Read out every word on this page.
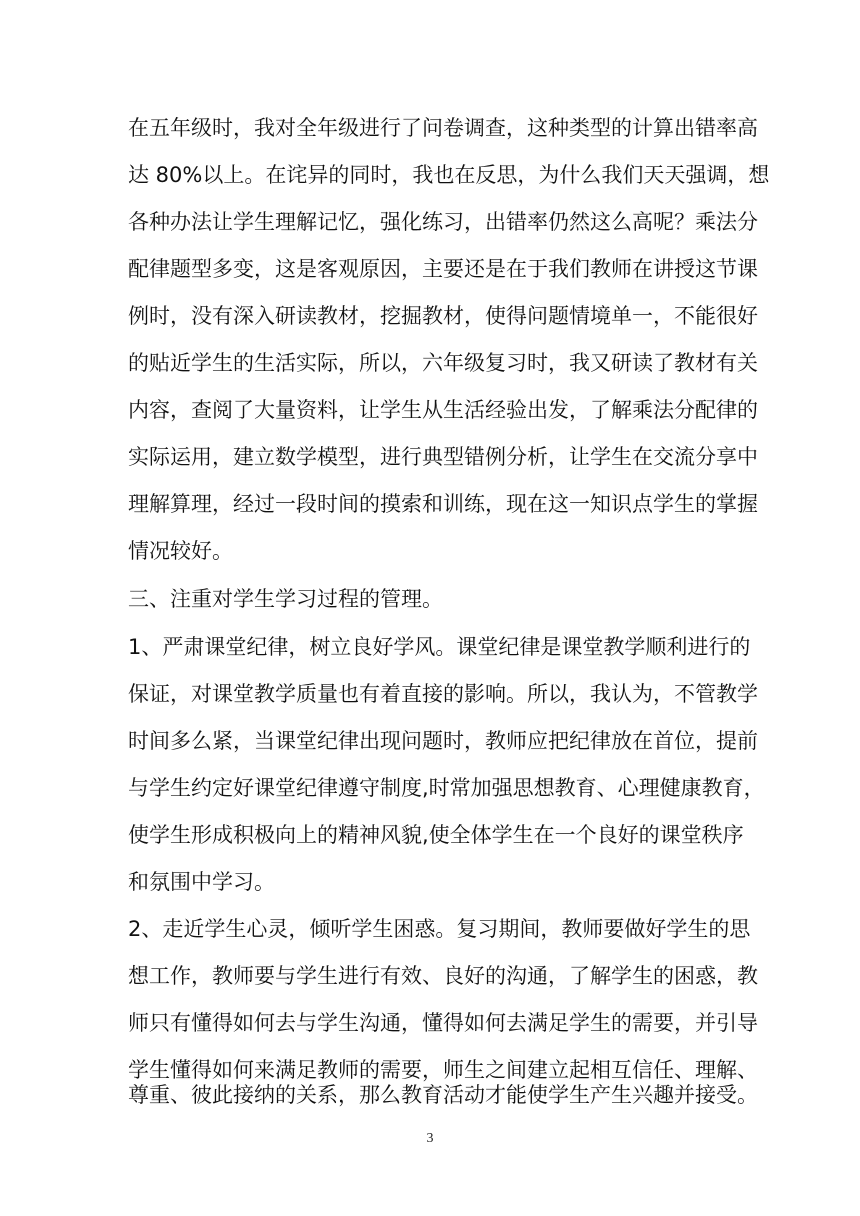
在五年级时，我对全年级进行了问卷调查，这种类型的计算出错率高
达 80%以上。在诧异的同时，我也在反思，为什么我们天天强调，想
各种办法让学生理解记忆，强化练习，出错率仍然这么高呢？乘法分
配律题型多变，这是客观原因，主要还是在于我们教师在讲授这节课
例时，没有深入研读教材，挖掘教材，使得问题情境单一，不能很好
的贴近学生的生活实际，所以，六年级复习时，我又研读了教材有关
内容，查阅了大量资料，让学生从生活经验出发，了解乘法分配律的
实际运用，建立数学模型，进行典型错例分析，让学生在交流分享中
理解算理，经过一段时间的摸索和训练，现在这一知识点学生的掌握
情况较好。
三、注重对学生学习过程的管理。
1、严肃课堂纪律，树立良好学风。课堂纪律是课堂教学顺利进行的
保证，对课堂教学质量也有着直接的影响。所以，我认为，不管教学
时间多么紧，当课堂纪律出现问题时，教师应把纪律放在首位，提前
与学生约定好课堂纪律遵守制度,时常加强思想教育、心理健康教育，
使学生形成积极向上的精神风貌,使全体学生在一个良好的课堂秩序
和氛围中学习。
2、走近学生心灵，倾听学生困惑。复习期间，教师要做好学生的思
想工作，教师要与学生进行有效、良好的沟通，了解学生的困惑，教
师只有懂得如何去与学生沟通，懂得如何去满足学生的需要，并引导
学生懂得如何来满足教师的需要，师生之间建立起相互信任、理解、
尊重、彼此接纳的关系，那么教育活动才能使学生产生兴趣并接受。
3
